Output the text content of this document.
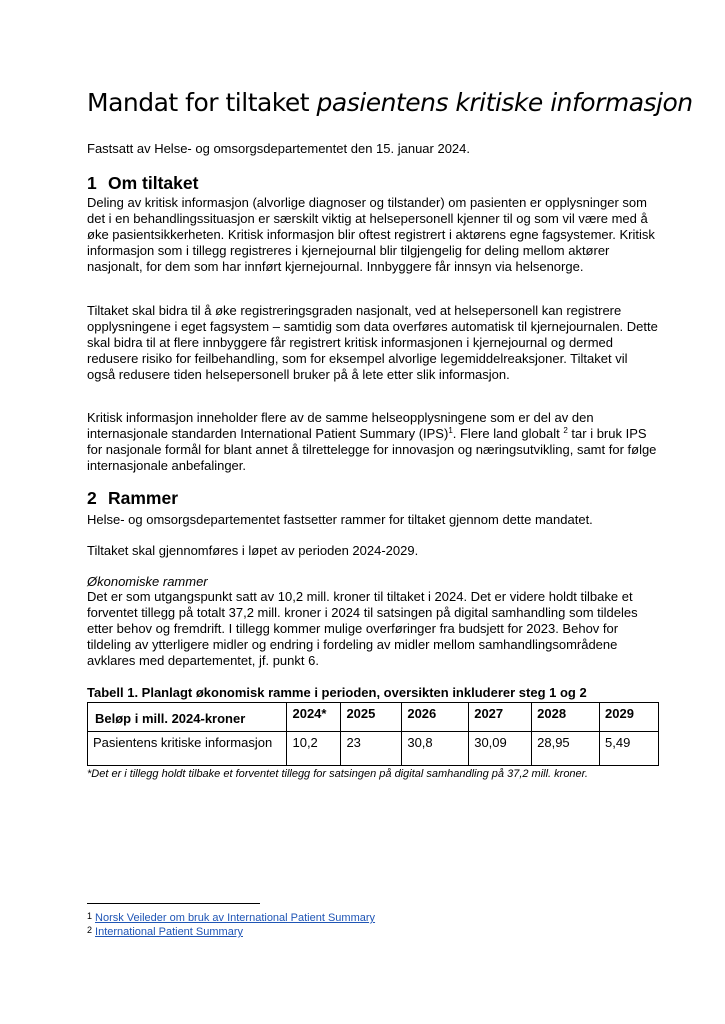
Mandat for tiltaket pasientens kritiske informasjon

Fastsatt av Helse- og omsorgsdepartementet den 15. januar 2024.

1 Om tiltaket

Deling av kritisk informasjon (alvorlige diagnoser og tilstander) om pasienten er opplysninger som det i en behandlingssituasjon er særskilt viktig at helsepersonell kjenner til og som vil være med å øke pasientsikkerheten. Kritisk informasjon blir oftest registrert i aktørens egne fagsystemer. Kritisk informasjon som i tillegg registreres i kjernejournal blir tilgjengelig for deling mellom aktører nasjonalt, for dem som har innført kjernejournal. Innbyggere får innsyn via helsenorge.

Tiltaket skal bidra til å øke registreringsgraden nasjonalt, ved at helsepersonell kan registrere opplysningene i eget fagsystem – samtidig som data overføres automatisk til kjernejournalen. Dette skal bidra til at flere innbyggere får registrert kritisk informasjonen i kjernejournal og dermed redusere risiko for feilbehandling, som for eksempel alvorlige legemiddelreaksjoner. Tiltaket vil også redusere tiden helsepersonell bruker på å lete etter slik informasjon.

Kritisk informasjon inneholder flere av de samme helseopplysningene som er del av den internasjonale standarden International Patient Summary (IPS)$^1$. Flere land globalt $^2$ tar i bruk IPS for nasjonale formål for blant annet å tilrettelegge for innovasjon og næringsutvikling, samt for følge internasjonale anbefalinger.

2 Rammer

Helse- og omsorgsdepartementet fastsetter rammer for tiltaket gjennom dette mandatet.

Tiltaket skal gjennomføres i løpet av perioden 2024-2029.

Økonomiske rammer

Det er som utgangspunkt satt av 10,2 mill. kroner til tiltaket i 2024. Det er videre holdt tilbake et forventet tillegg på totalt 37,2 mill. kroner i 2024 til satsingen på digital samhandling som tildeles etter behov og fremdrift. I tillegg kommer mulige overføringer fra budsjett for 2023. Behov for tildeling av ytterligere midler og endring i fordeling av midler mellom samhandlingsområdene avklares med departementet, jf. punkt 6.

Tabell 1. Planlagt økonomisk ramme i perioden, oversikten inkluderer steg 1 og 2

Beløp i mill. 2024-kroner	2024*	2025	2026	2027	2028	2029
Pasientens kritiske informasjon	10,2	23	30,8	30,09	28,95	5,49

*Det er i tillegg holdt tilbake et forventet tillegg for satsingen på digital samhandling på 37,2 mill. kroner.

1 Norsk Veileder om bruk av International Patient Summary

2 International Patient Summary
